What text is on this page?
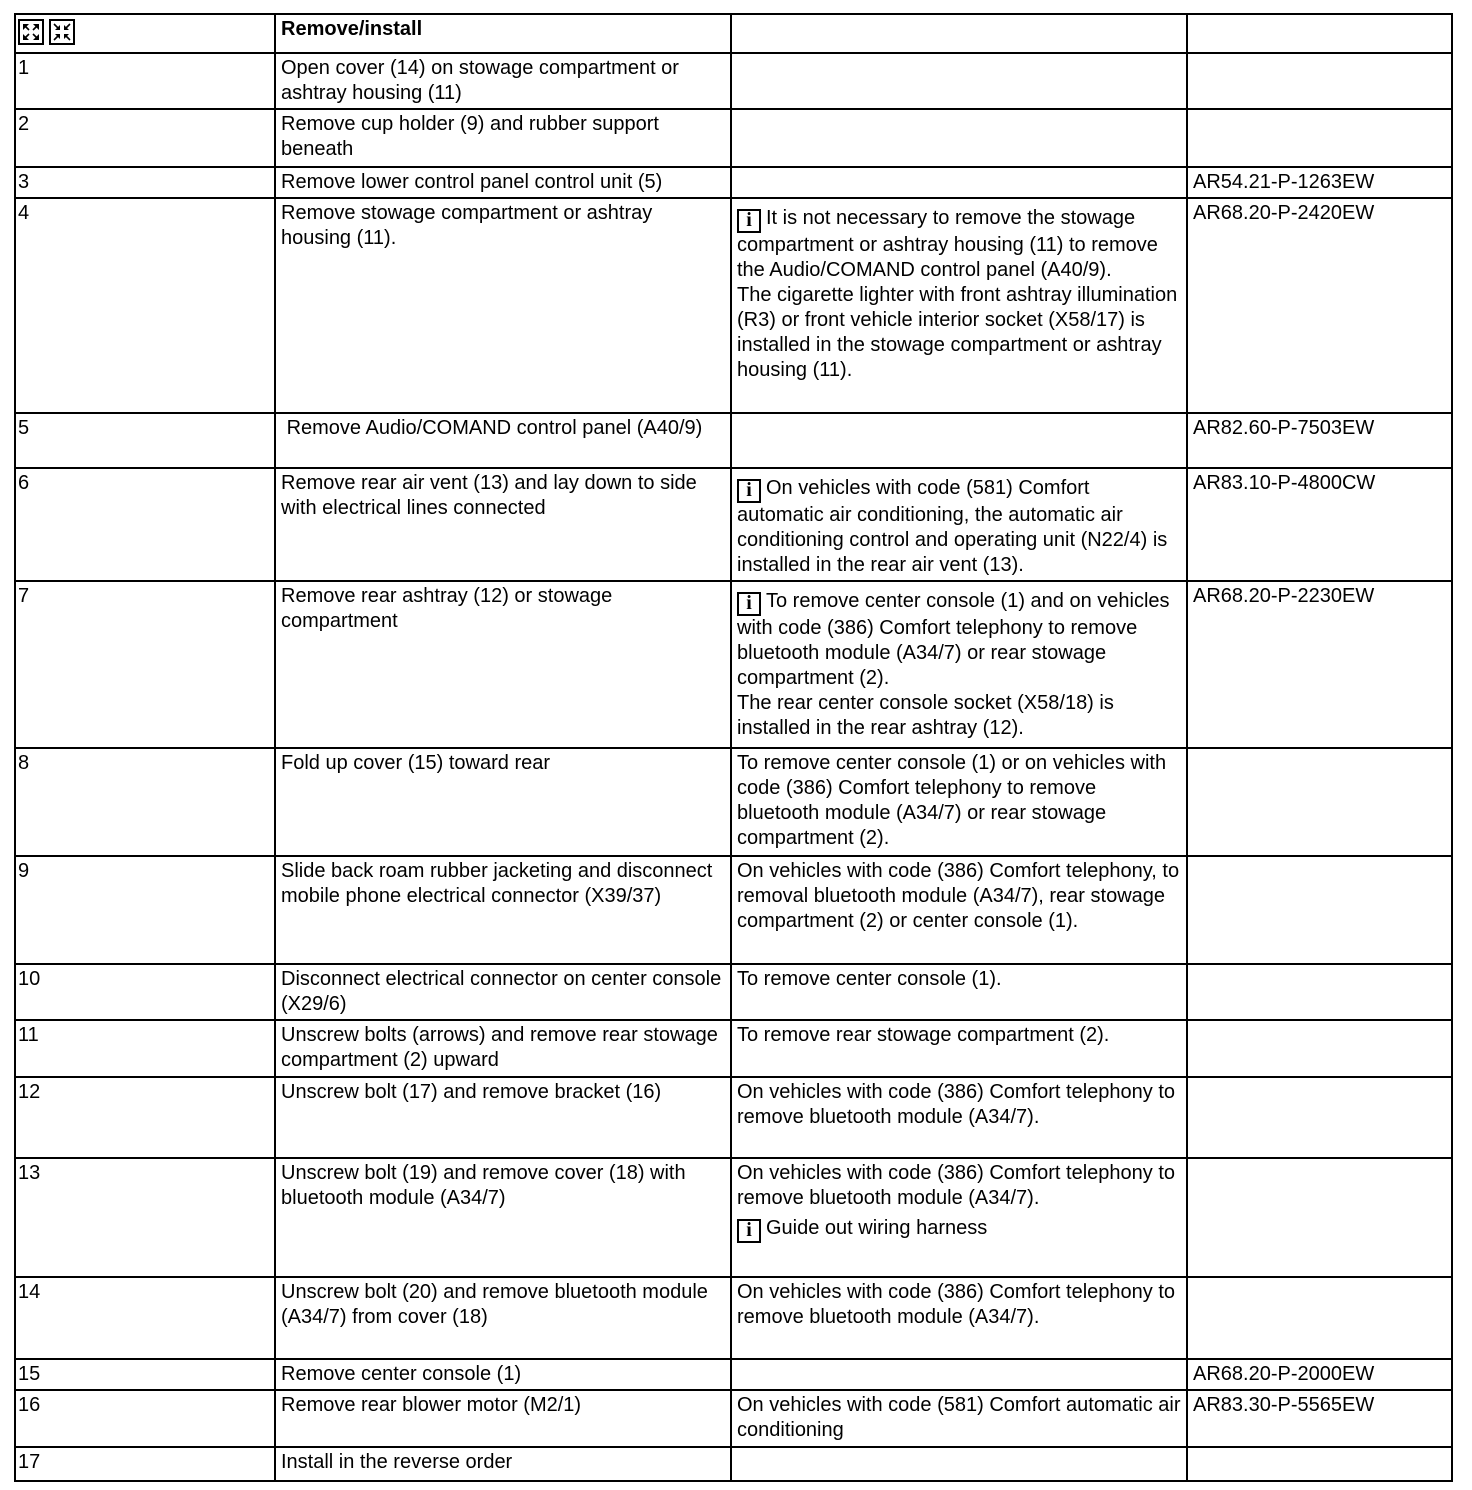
	Remove/install		
1	Open cover (14) on stowage compartment or ashtray housing (11)		
2	Remove cup holder (9) and rubber support beneath		
3	Remove lower control panel control unit (5)		AR54.21-P-1263EW
4	Remove stowage compartment or ashtray housing (11).	i It is not necessary to remove the stowage compartment or ashtray housing (11) to remove the Audio/COMAND control panel (A40/9).
The cigarette lighter with front ashtray illumination (R3) or front vehicle interior socket (X58/17) is installed in the stowage compartment or ashtray housing (11).	AR68.20-P-2420EW
5	Remove Audio/COMAND control panel (A40/9)		AR82.60-P-7503EW
6	Remove rear air vent (13) and lay down to side with electrical lines connected	i On vehicles with code (581) Comfort automatic air conditioning, the automatic air conditioning control and operating unit (N22/4) is installed in the rear air vent (13).	AR83.10-P-4800CW
7	Remove rear ashtray (12) or stowage compartment	i To remove center console (1) and on vehicles with code (386) Comfort telephony to remove bluetooth module (A34/7) or rear stowage compartment (2).
The rear center console socket (X58/18) is installed in the rear ashtray (12).	AR68.20-P-2230EW
8	Fold up cover (15) toward rear	To remove center console (1) or on vehicles with code (386) Comfort telephony to remove bluetooth module (A34/7) or rear stowage compartment (2).	
9	Slide back roam rubber jacketing and disconnect mobile phone electrical connector (X39/37)	On vehicles with code (386) Comfort telephony, to removal bluetooth module (A34/7), rear stowage compartment (2) or center console (1).	
10	Disconnect electrical connector on center console (X29/6)	To remove center console (1).	
11	Unscrew bolts (arrows) and remove rear stowage compartment (2) upward	To remove rear stowage compartment (2).	
12	Unscrew bolt (17) and remove bracket (16)	On vehicles with code (386) Comfort telephony to remove bluetooth module (A34/7).	
13	Unscrew bolt (19) and remove cover (18) with bluetooth module (A34/7)	On vehicles with code (386) Comfort telephony to remove bluetooth module (A34/7).
i Guide out wiring harness	

14	Unscrew bolt (20) and remove bluetooth module (A34/7) from cover (18)	On vehicles with code (386) Comfort telephony to remove bluetooth module (A34/7).	
15	Remove center console (1)		AR68.20-P-2000EW
16	Remove rear blower motor (M2/1)	On vehicles with code (581) Comfort automatic air conditioning	AR83.30-P-5565EW
17	Install in the reverse order		
